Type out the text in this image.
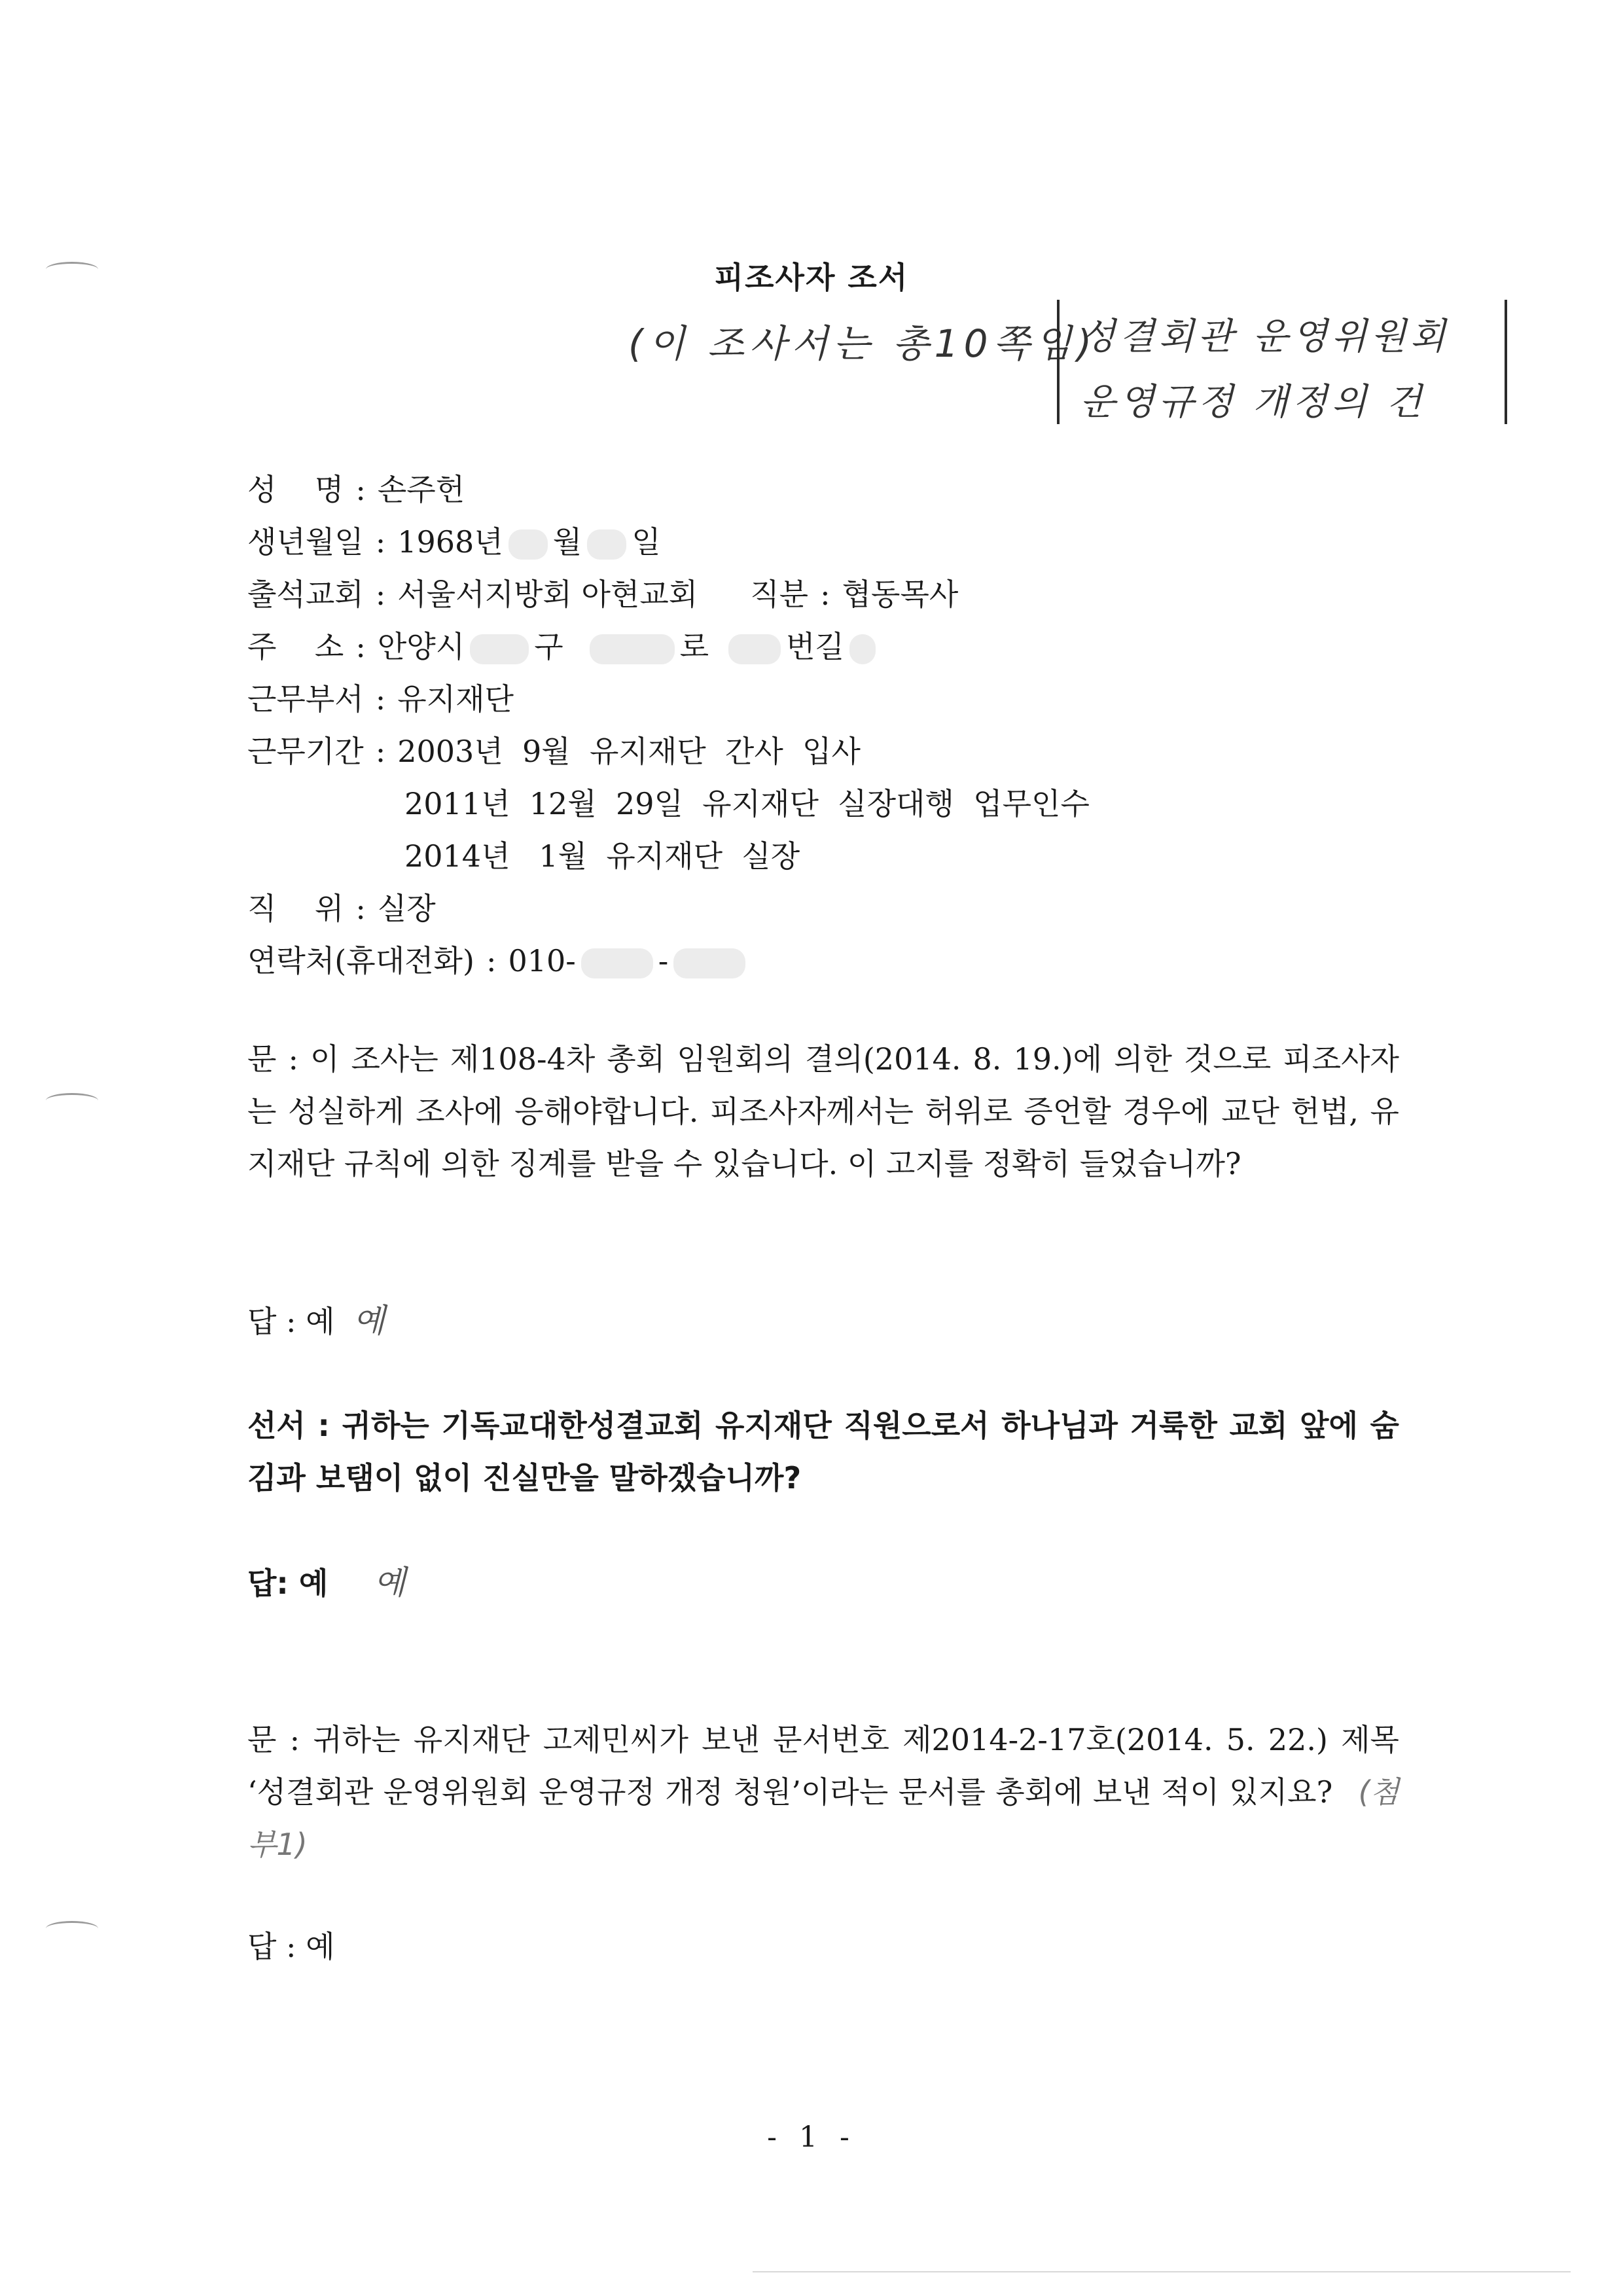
피조사자 조서
(이 조사서는 총10쪽임)
성결회관 운영위원회
운영규정 개정의 건
성    명 : 손주헌
생년월일 : 1968년 월 일
출석교회 : 서울서지방회 아현교회 직분 : 협동목사
주    소 : 안양시 구	로	번길
근무부서 : 유지재단
근무기간 : 2003년  9월  유지재단  간사  입사
2011년  12월  29일  유지재단  실장대행  업무인수
2014년   1월  유지재단  실장
직    위 : 실장
연락처(휴대전화) : 010-	-
문 : 이 조사는 제108-4차 총회 임원회의 결의(2014. 8. 19.)에 의한 것으로 피조사자는 성실하게 조사에 응해야합니다. 피조사자께서는 허위로 증언할 경우에 교단 헌법, 유지재단 규칙에 의한 징계를 받을 수 있습니다. 이 고지를 정확히 들었습니까?
답 : 예 예
선서 : 귀하는 기독교대한성결교회 유지재단 직원으로서 하나님과 거룩한 교회 앞에 숨김과 보탬이 없이 진실만을 말하겠습니까?
답: 예 예
문 : 귀하는 유지재단 고제민씨가 보낸 문서번호 제2014-2-17호(2014. 5. 22.) 제목 ‘성결회관 운영위원회 운영규정 개정 청원’이라는 문서를 총회에 보낸 적이 있지요? (첨부1)
답 : 예
- 1 -
